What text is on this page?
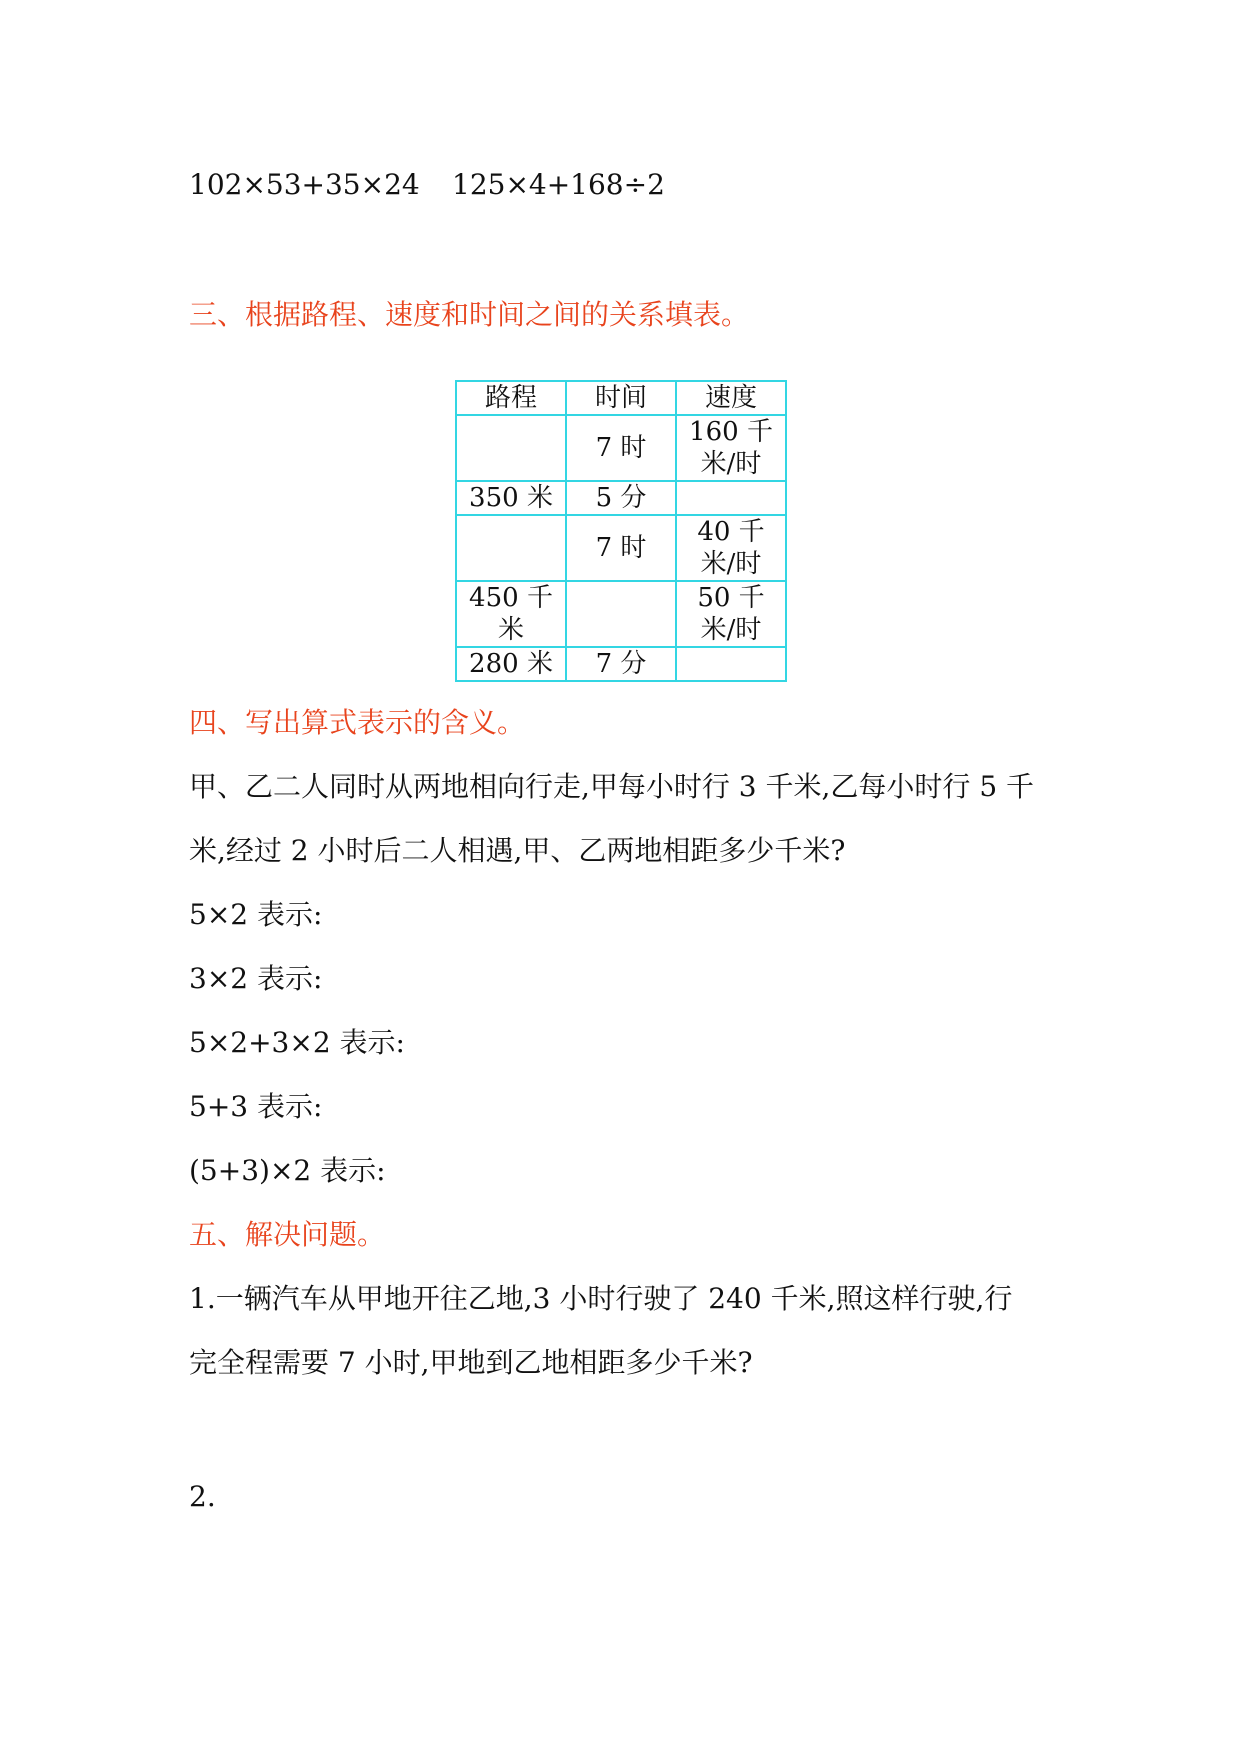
102×53+35×24 125×4+168÷2
三、根据路程、速度和时间之间的关系填表。
路程	时间	速度
	7 时	160 千
米/时
350 米	5 分	
	7 时	40 千
米/时
450 千米		50 千
米/时
280 米	7 分	
四、写出算式表示的含义。
甲、乙二人同时从两地相向行走,甲每小时行 3 千米,乙每小时行 5 千
米,经过 2 小时后二人相遇,甲、乙两地相距多少千米?
5×2 表示:
3×2 表示:
5×2+3×2 表示:
5+3 表示:
(5+3)×2 表示:
五、解决问题。
1.一辆汽车从甲地开往乙地,3 小时行驶了 240 千米,照这样行驶,行
完全程需要 7 小时,甲地到乙地相距多少千米?
2.
